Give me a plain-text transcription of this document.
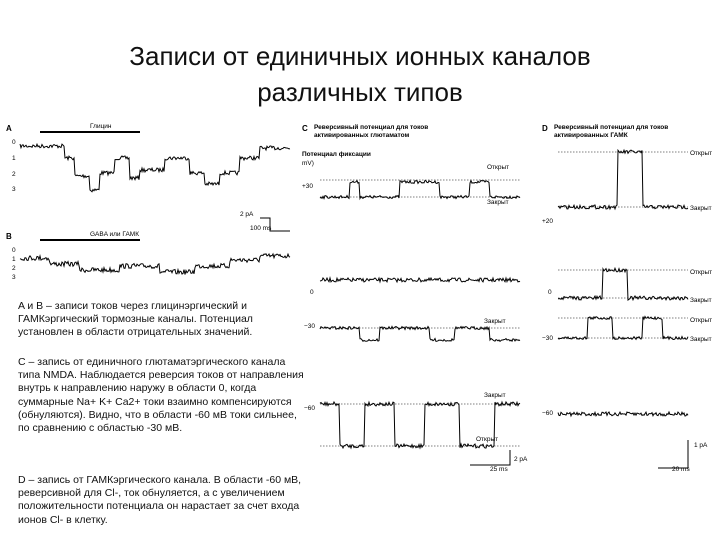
Записи от единичных ионных каналов
различных типов
A	Глицин
0
1
2
3
2 pA
100 ms
B	GABA или ГАМК
0
1
2
3
A и B – записи токов через глицинэргический и ГАМКэргический тормозные каналы. Потенциал установлен в области отрицательных значений.
C – запись от единичного глютаматэргического канала типа NMDA. Наблюдается реверсия токов от направления внутрь к направлению наружу в области 0, когда суммарные Na+ K+ Ca2+ токи взаимно компенсируются (обнуляются). Видно, что в области -60 мВ токи сильнее, по сравнению с областью -30 мВ.
D – запись от ГАМКэргического канала. В области -60 мВ, реверсивной для Cl-, ток обнуляется, а с увеличением положительности потенциала он нарастает за счет входа ионов Cl- в клетку.
C Реверсивный потенциал для токов
активированных глютаматом
Потенциал фиксации
mV)
+30
0
−30
−60
Открыт
Закрыт
Закрыт
Закрыт
Открыт
2 pA
25 ms
D Реверсивный потенциал для токов
активированных ГАМК
+20
0
−30
−60
Открыт
Закрыт
Открыт
Закрыт
Открыт
Закрыт
1 pA
20 ms
